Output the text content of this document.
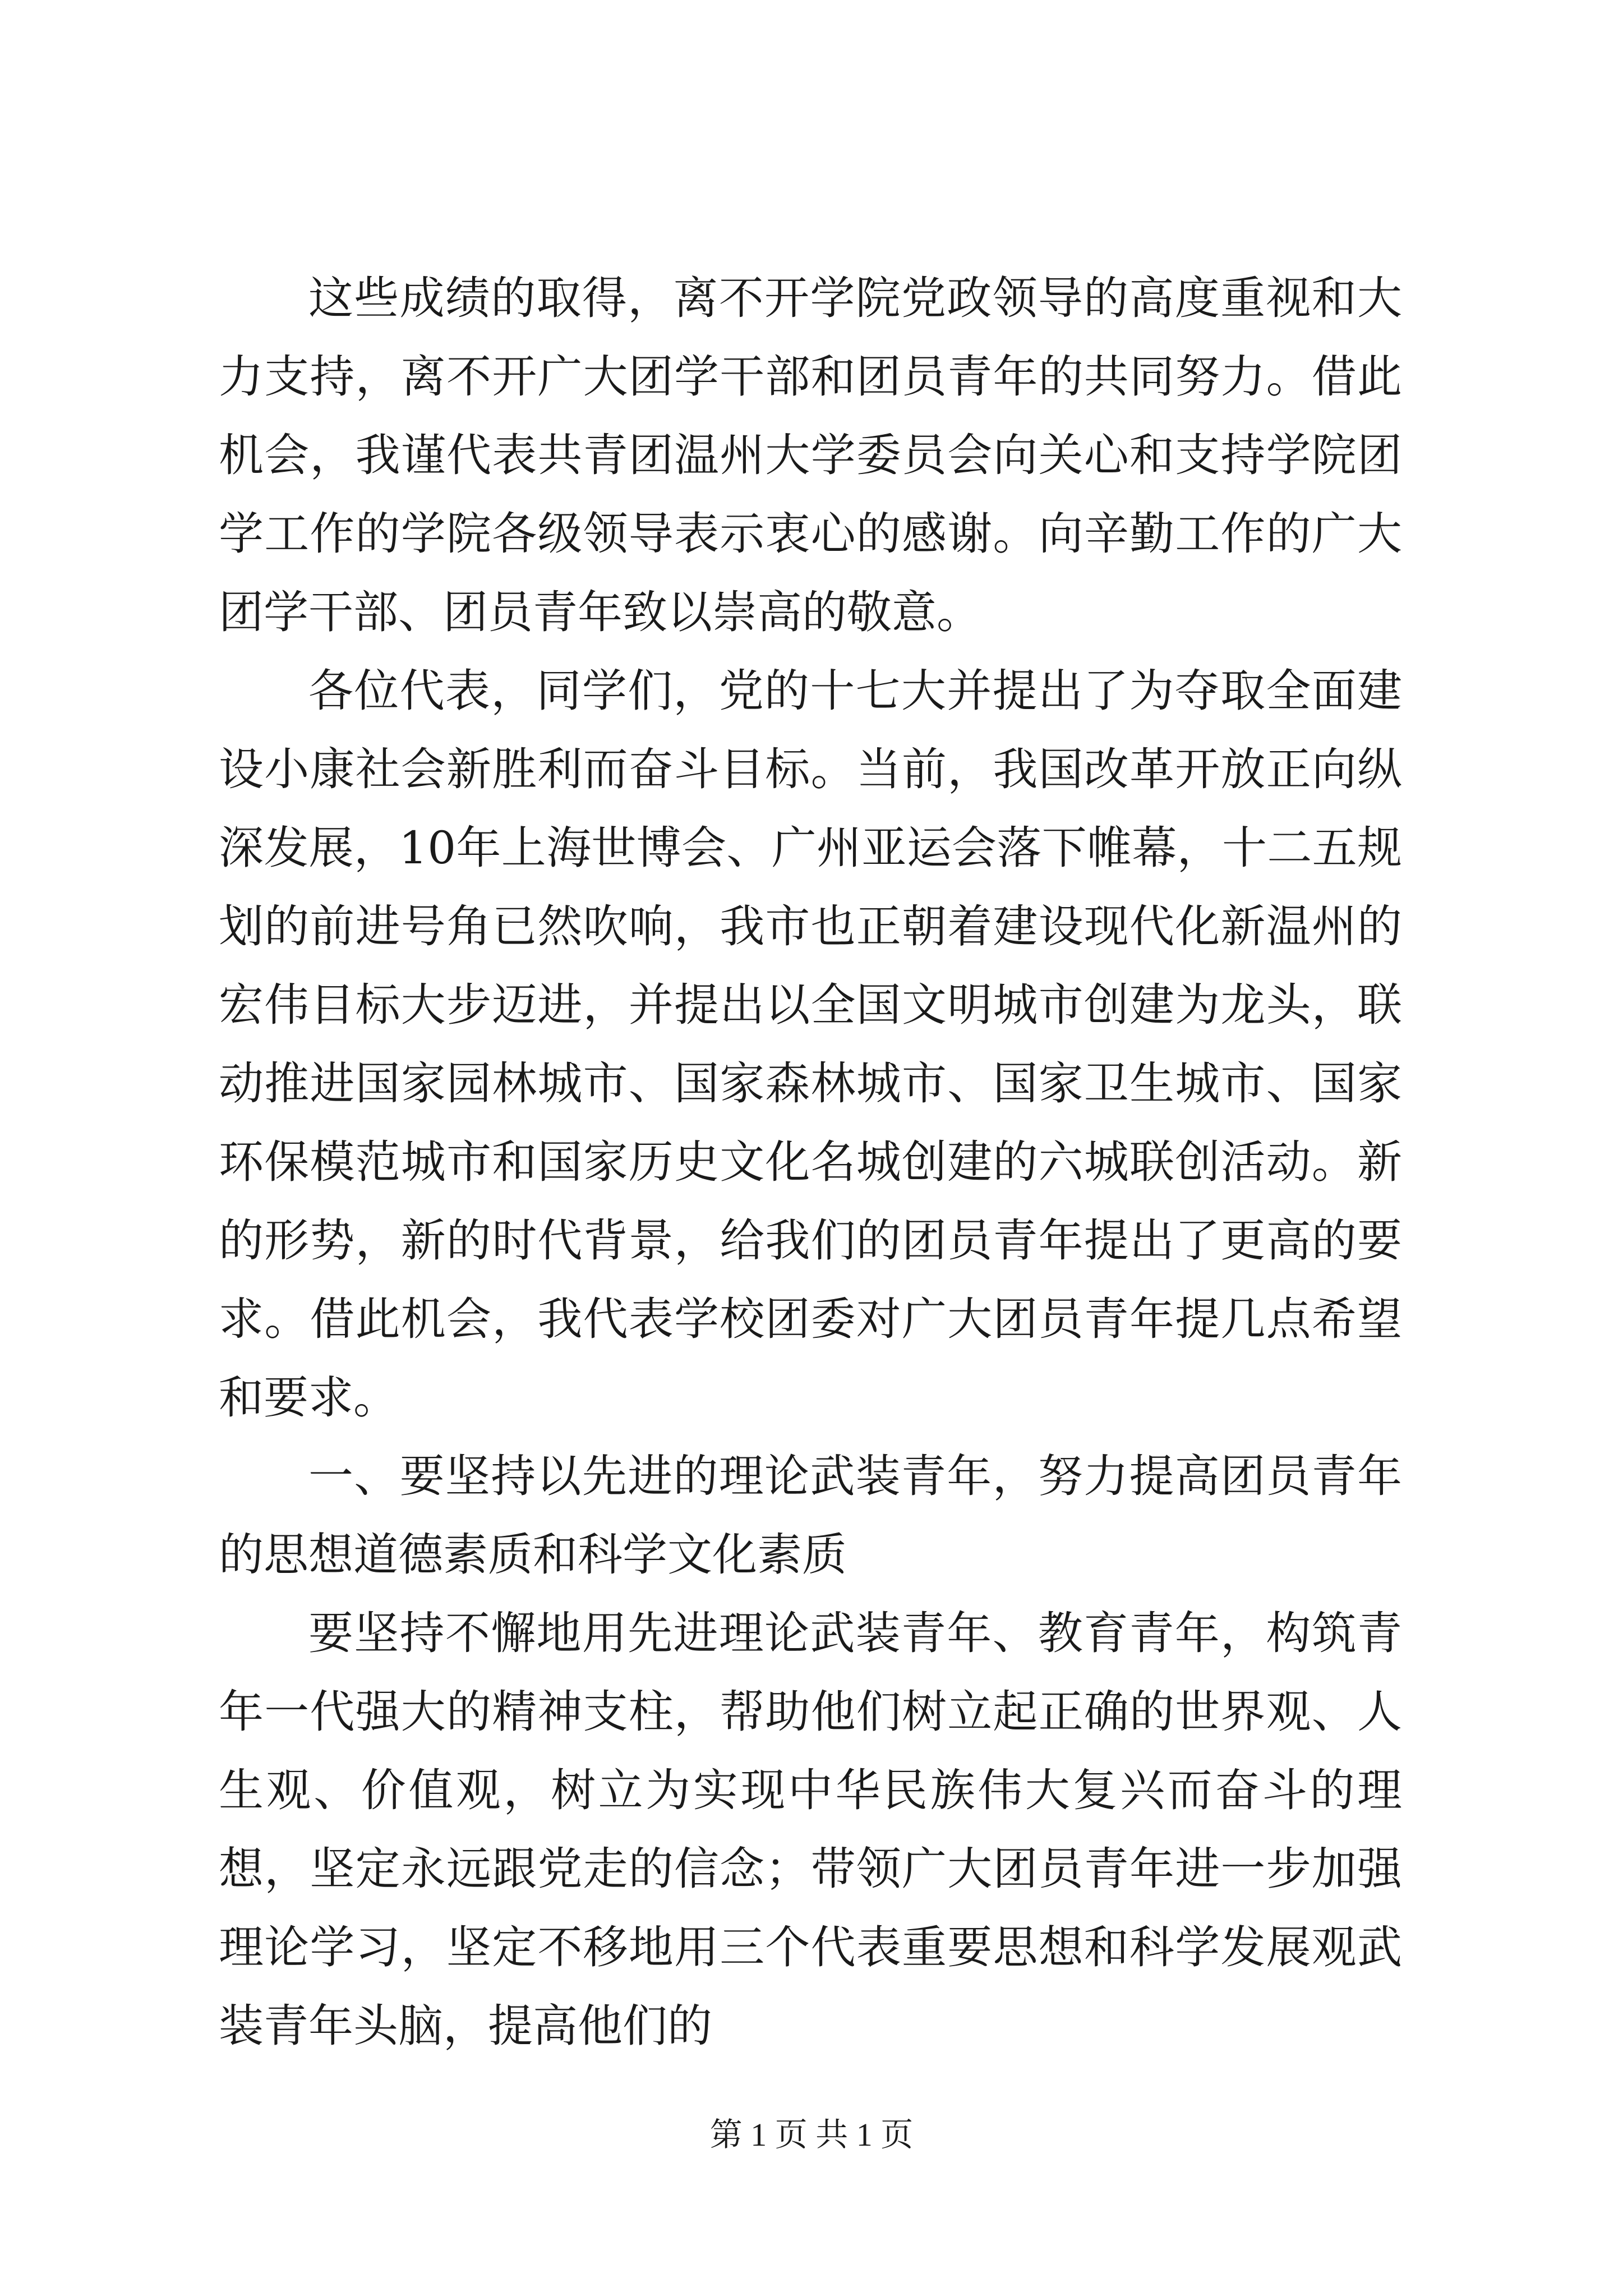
这些成绩的取得，离不开学院党政领导的高度重视和大力支持，离不开广大团学干部和团员青年的共同努力。借此机会，我谨代表共青团温州大学委员会向关心和支持学院团学工作的学院各级领导表示衷心的感谢。向辛勤工作的广大团学干部、团员青年致以崇高的敬意。

各位代表，同学们，党的十七大并提出了为夺取全面建设小康社会新胜利而奋斗目标。当前，我国改革开放正向纵深发展，10年上海世博会、广州亚运会落下帷幕，十二五规划的前进号角已然吹响，我市也正朝着建设现代化新温州的宏伟目标大步迈进，并提出以全国文明城市创建为龙头，联动推进国家园林城市、国家森林城市、国家卫生城市、国家环保模范城市和国家历史文化名城创建的六城联创活动。新的形势，新的时代背景，给我们的团员青年提出了更高的要求。借此机会，我代表学校团委对广大团员青年提几点希望和要求。

一、要坚持以先进的理论武装青年，努力提高团员青年的思想道德素质和科学文化素质

要坚持不懈地用先进理论武装青年、教育青年，构筑青年一代强大的精神支柱，帮助他们树立起正确的世界观、人生观、价值观，树立为实现中华民族伟大复兴而奋斗的理想，坚定永远跟党走的信念；带领广大团员青年进一步加强理论学习，坚定不移地用三个代表重要思想和科学发展观武装青年头脑，提高他们的

第 1 页 共 1 页
